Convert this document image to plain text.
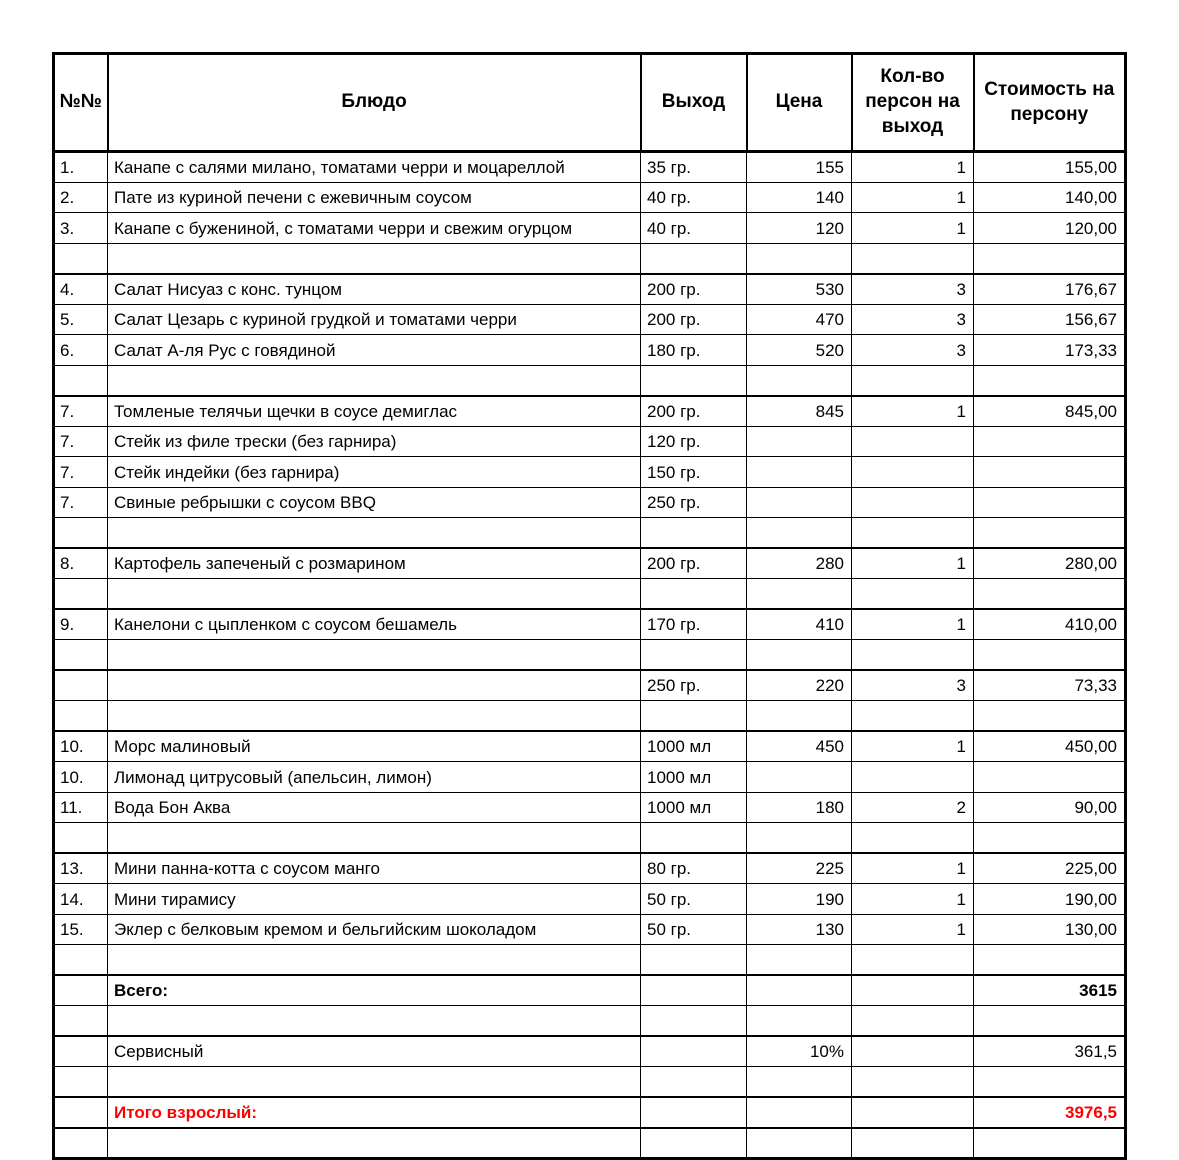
№№	Блюдо	Выход	Цена	Кол-во персон на выход	Стоимость на персону
1.	Канапе с салями милано, томатами черри и моцареллой	35 гр.	155	1	155,00
2.	Пате из куриной печени с ежевичным соусом	40 гр.	140	1	140,00
3.	Канапе с бужениной, с томатами черри и свежим огурцом	40 гр.	120	1	120,00

4.	Салат Нисуаз с конс. тунцом	200 гр.	530	3	176,67
5.	Салат Цезарь с куриной грудкой и томатами черри	200 гр.	470	3	156,67
6.	Салат А-ля Рус с говядиной	180 гр.	520	3	173,33

7.	Томленые телячьи щечки в соусе демиглас	200 гр.	845	1	845,00
7.	Стейк из филе трески (без гарнира)	120 гр.			
7.	Стейк индейки (без гарнира)	150 гр.			
7.	Свиные ребрышки с соусом BBQ	250 гр.			

8.	Картофель запеченый с розмарином	200 гр.	280	1	280,00

9.	Канелони с цыпленком с соусом бешамель	170 гр.	410	1	410,00

		250 гр.	220	3	73,33

10.	Морс малиновый	1000 мл	450	1	450,00
10.	Лимонад цитрусовый (апельсин, лимон)	1000 мл			
11.	Вода Бон Аква	1000 мл	180	2	90,00

13.	Мини панна-котта с соусом манго	80 гр.	225	1	225,00
14.	Мини тирамису	50 гр.	190	1	190,00
15.	Эклер с белковым кремом и бельгийским шоколадом	50 гр.	130	1	130,00

	Всего:				3615

	Сервисный		10%		361,5

	Итого взрослый:				3976,5
